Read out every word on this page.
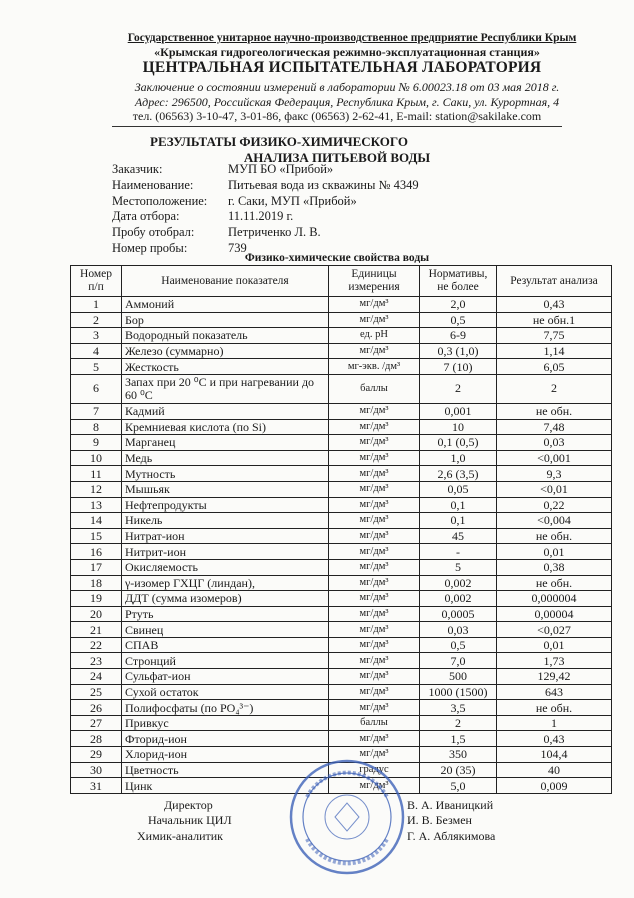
Государственное унитарное научно-производственное предприятие Республики Крым
«Крымская гидрогеологическая режимно-эксплуатационная станция»
ЦЕНТРАЛЬНАЯ ИСПЫТАТЕЛЬНАЯ ЛАБОРАТОРИЯ
Заключение о состоянии измерений в лаборатории № 6.00023.18 от 03 мая 2018 г.
Адрес: 296500, Российская Федерация, Республика Крым, г. Саки, ул. Курортная, 4
тел. (06563) 3-10-47, 3-01-86, факс (06563) 2-62-41, E-mail: station@sakilake.com
РЕЗУЛЬТАТЫ ФИЗИКО-ХИМИЧЕСКОГО
АНАЛИЗА ПИТЬЕВОЙ ВОДЫ
Заказчик:	МУП БО «Прибой»
Наименование:	Питьевая вода из скважины № 4349
Местоположение: г. Саки, МУП «Прибой»
Дата отбора:	11.11.2019 г.
Пробу отобрал:	Петриченко Л. В.
Номер пробы:	739
Физико-химические свойства воды
Номер п/п	Наименование показателя	Единицы измерения	Нормативы, не более	Результат анализа
1	Аммоний	мг/дм³	2,0	0,43
2	Бор	мг/дм³	0,5	не обн.1
3	Водородный показатель	ед. pH	6-9	7,75
4	Железо (суммарно)	мг/дм³	0,3 (1,0)	1,14
5	Жесткость	мг-экв. /дм³	7 (10)	6,05
6	Запах при 20 ⁰С и при нагревании до 60 ⁰С	баллы	2	2
7	Кадмий	мг/дм³	0,001	не обн.
8	Кремниевая кислота (по Si)	мг/дм³	10	7,48
9	Марганец	мг/дм³	0,1 (0,5)	0,03
10	Медь	мг/дм³	1,0	<0,001
11	Мутность	мг/дм³	2,6 (3,5)	9,3
12	Мышьяк	мг/дм³	0,05	<0,01
13	Нефтепродукты	мг/дм³	0,1	0,22
14	Никель	мг/дм³	0,1	<0,004
15	Нитрат-ион	мг/дм³	45	не обн.
16	Нитрит-ион	мг/дм³	-	0,01
17	Окисляемость	мг/дм³	5	0,38
18	γ-изомер ГХЦГ (линдан),	мг/дм³	0,002	не обн.
19	ДДТ (сумма изомеров)	мг/дм³	0,002	0,000004
20	Ртуть	мг/дм³	0,0005	0,00004
21	Свинец	мг/дм³	0,03	<0,027
22	СПАВ	мг/дм³	0,5	0,01
23	Стронций	мг/дм³	7,0	1,73
24	Сульфат-ион	мг/дм³	500	129,42
25	Сухой остаток	мг/дм³	1000 (1500)	643
26	Полифосфаты (по PO₄³⁻)	мг/дм³	3,5	не обн.
27	Привкус	баллы	2	1
28	Фторид-ион	мг/дм³	1,5	0,43
29	Хлорид-ион	мг/дм³	350	104,4
30	Цветность	градус	20 (35)	40
31	Цинк	мг/дм³	5,0	0,009
Директор	В. А. Иваницкий
Начальник ЦИЛ	И. В. Безмен
Химик-аналитик	Г. А. Аблякимова
